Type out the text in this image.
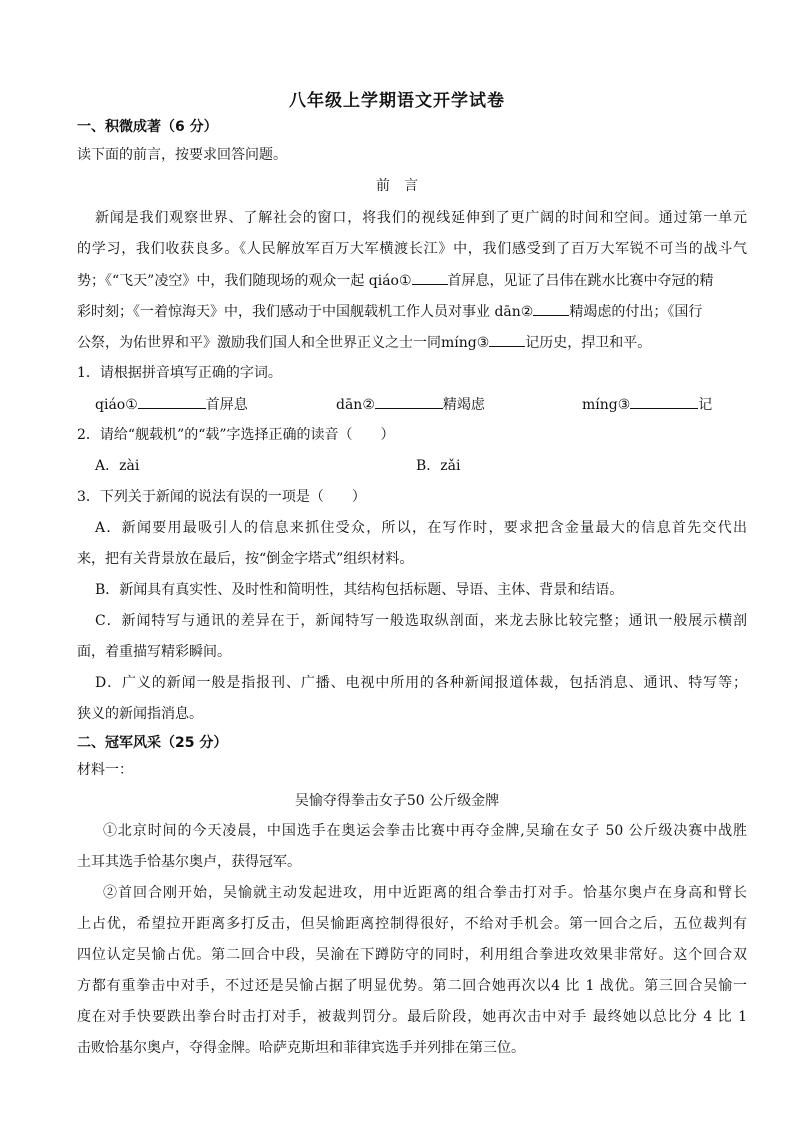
八年级上学期语文开学试卷
一、积微成著（6 分）
读下面的前言，按要求回答问题。
前　言
新闻是我们观察世界、了解社会的窗口，将我们的视线延伸到了更广阔的时间和空间。通过第一单元
的学习，我们收获良多。《人民解放军百万大军横渡长江》中，我们感受到了百万大军锐不可当的战斗气
势；《“飞天”凌空》中，我们随现场的观众一起 qiáo①	首屏息，见证了吕伟在跳水比赛中夺冠的精
彩时刻；《一着惊海天》中，我们感动于中国舰载机工作人员对事业 dān②	精竭虑的付出；《国行
公祭，为佑世界和平》激励我们国人和全世界正义之士一同míng③	记历史，捍卫和平。
1．请根据拼音填写正确的字词。
qiáo①	首屏息	dān②	精竭虑	míng③	记
2．请给“舰载机”的“载”字选择正确的读音（　　）
A．zài	B．zǎi
3．下列关于新闻的说法有误的一项是（　　）
A．新闻要用最吸引人的信息来抓住受众，所以，在写作时，要求把含金量最大的信息首先交代出
来，把有关背景放在最后，按“倒金字塔式”组织材料。
B．新闻具有真实性、及时性和简明性，其结构包括标题、导语、主体、背景和结语。
C．新闻特写与通讯的差异在于，新闻特写一般选取纵剖面，来龙去脉比较完整；通讯一般展示横剖
面，着重描写精彩瞬间。
D．广义的新闻一般是指报刊、广播、电视中所用的各种新闻报道体裁，包括消息、通讯、特写等；
狭义的新闻指消息。
二、冠军风采（25 分）
材料一：
吴愉夺得拳击女子50 公斤级金牌
①北京时间的今天凌晨，中国选手在奥运会拳击比赛中再夺金牌,吴瑜在女子 50 公斤级决赛中战胜
土耳其选手恰基尔奥卢，获得冠军。
②首回合刚开始，吴愉就主动发起进攻，用中近距离的组合拳击打对手。恰基尔奥卢在身高和臂长
上占优，希望拉开距离多打反击，但吴愉距离控制得很好，不给对手机会。第一回合之后，五位裁判有
四位认定吴愉占优。第二回合中段，吴渝在下蹲防守的同时，利用组合拳进攻效果非常好。这个回合双
方都有重拳击中对手，不过还是吴愉占据了明显优势。第二回合她再次以4 比 1 战优。第三回合吴愉一
度在对手快要跌出拳台时击打对手，被裁判罚分。最后阶段，她再次击中对手 最终她以总比分 4 比 1
击败恰基尔奥卢，夺得金牌。哈萨克斯坦和菲律宾选手并列排在第三位。
